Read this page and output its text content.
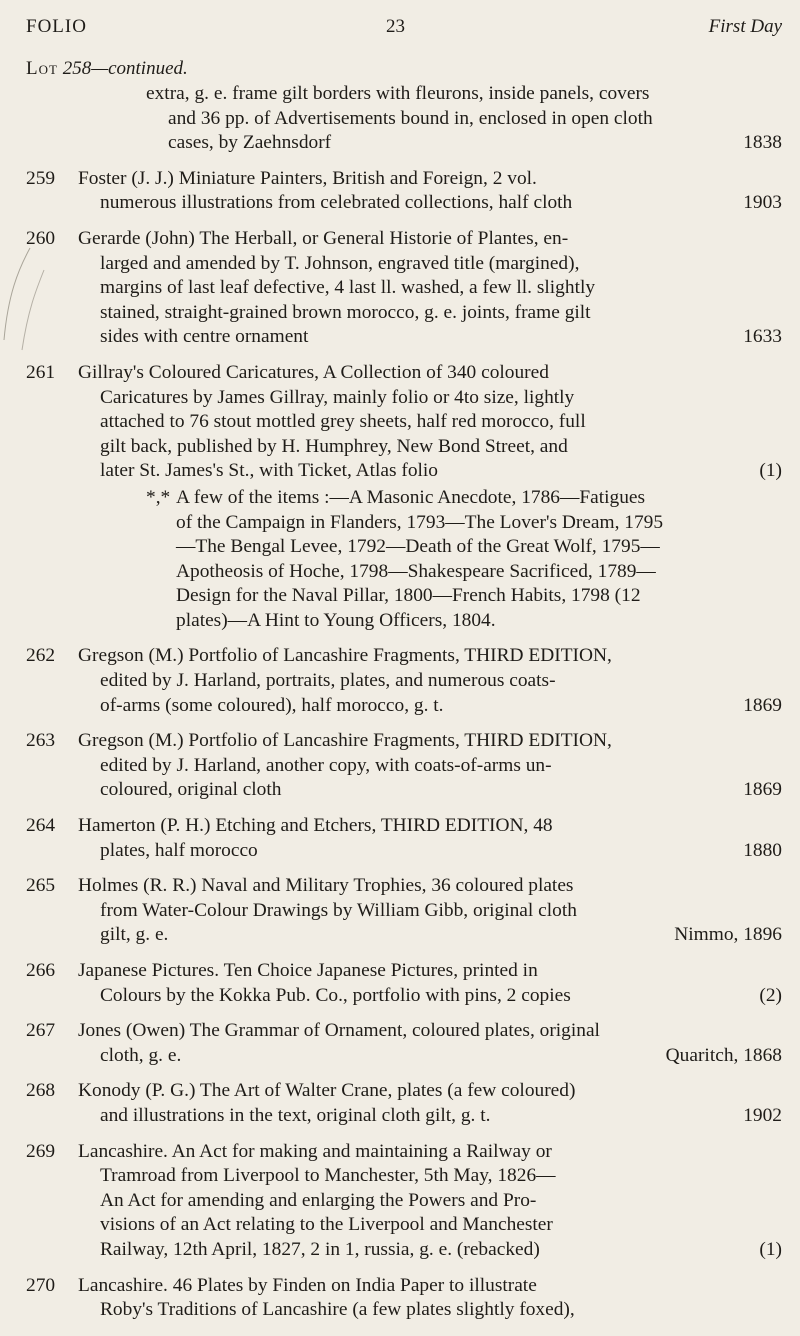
FOLIO	23	First Day
Lot 258—continued.
extra, g. e. frame gilt borders with fleurons, inside panels, covers
and 36 pp. of Advertisements bound in, enclosed in open cloth
cases, by Zaehnsdorf	1838
259	Foster (J. J.) Miniature Painters, British and Foreign, 2 vol.
numerous illustrations from celebrated collections, half cloth	1903
260	Gerarde (John) The Herball, or General Historie of Plantes, en-
larged and amended by T. Johnson, engraved title (margined),
margins of last leaf defective, 4 last ll. washed, a few ll. slightly
stained, straight-grained brown morocco, g. e. joints, frame gilt
sides with centre ornament	1633
261	Gillray's Coloured Caricatures, A Collection of 340 coloured
Caricatures by James Gillray, mainly folio or 4to size, lightly
attached to 76 stout mottled grey sheets, half red morocco, full
gilt back, published by H. Humphrey, New Bond Street, and
later St. James's St., with Ticket, Atlas folio	(1)
*,* A few of the items :—A Masonic Anecdote, 1786—Fatigues
of the Campaign in Flanders, 1793—The Lover's Dream, 1795
—The Bengal Levee, 1792—Death of the Great Wolf, 1795—
Apotheosis of Hoche, 1798—Shakespeare Sacrificed, 1789—
Design for the Naval Pillar, 1800—French Habits, 1798 (12
plates)—A Hint to Young Officers, 1804.
262	Gregson (M.) Portfolio of Lancashire Fragments, THIRD EDITION,
edited by J. Harland, portraits, plates, and numerous coats-
of-arms (some coloured), half morocco, g. t.	1869
263	Gregson (M.) Portfolio of Lancashire Fragments, THIRD EDITION,
edited by J. Harland, another copy, with coats-of-arms un-
coloured, original cloth	1869
264	Hamerton (P. H.) Etching and Etchers, THIRD EDITION, 48
plates, half morocco	1880
265	Holmes (R. R.) Naval and Military Trophies, 36 coloured plates
from Water-Colour Drawings by William Gibb, original cloth
gilt, g. e.	Nimmo, 1896
266	Japanese Pictures. Ten Choice Japanese Pictures, printed in
Colours by the Kokka Pub. Co., portfolio with pins, 2 copies	(2)
267	Jones (Owen) The Grammar of Ornament, coloured plates, original
cloth, g. e.	Quaritch, 1868
268	Konody (P. G.) The Art of Walter Crane, plates (a few coloured)
and illustrations in the text, original cloth gilt, g. t.	1902
269	Lancashire. An Act for making and maintaining a Railway or
Tramroad from Liverpool to Manchester, 5th May, 1826—
An Act for amending and enlarging the Powers and Pro-
visions of an Act relating to the Liverpool and Manchester
Railway, 12th April, 1827, 2 in 1, russia, g. e. (rebacked)	(1)
270	Lancashire. 46 Plates by Finden on India Paper to illustrate
Roby's Traditions of Lancashire (a few plates slightly foxed),
